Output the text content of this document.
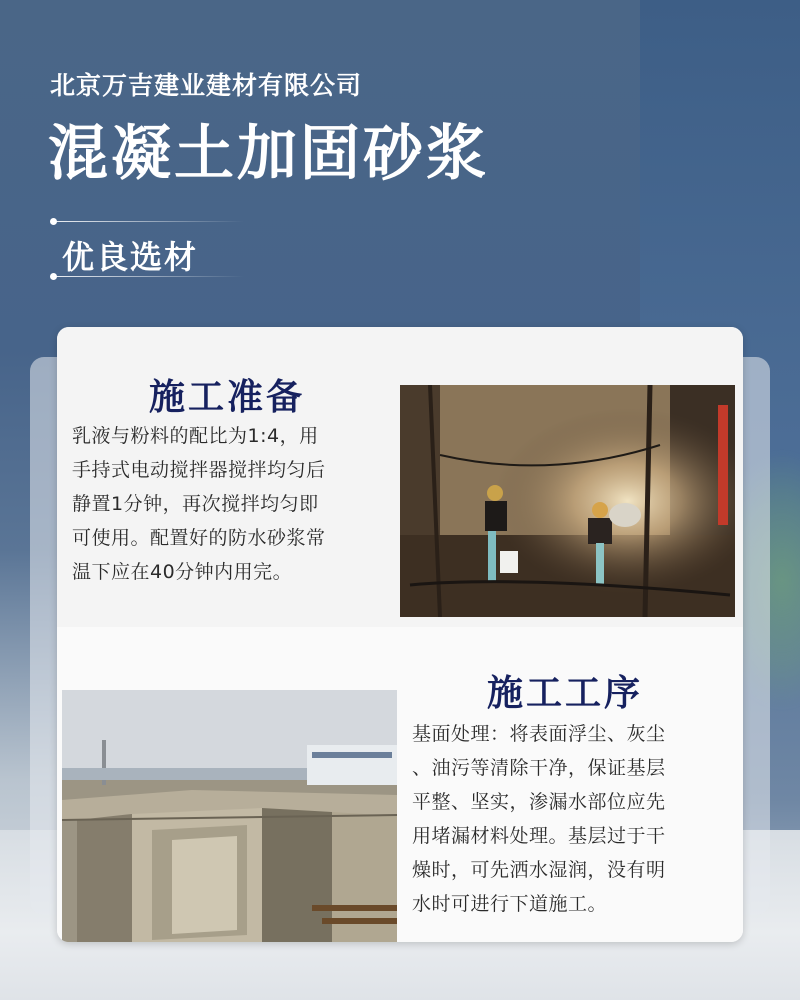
北京万吉建业建材有限公司
混凝土加固砂浆
优良选材
施工准备
乳液与粉料的配比为1:4，用
手持式电动搅拌器搅拌均匀后
静置1分钟，再次搅拌均匀即
可使用。配置好的防水砂浆常
温下应在40分钟内用完。
施工工序
基面处理：将表面浮尘、灰尘
、油污等清除干净，保证基层
平整、坚实，渗漏水部位应先
用堵漏材料处理。基层过于干
燥时，可先洒水湿润，没有明
水时可进行下道施工。
